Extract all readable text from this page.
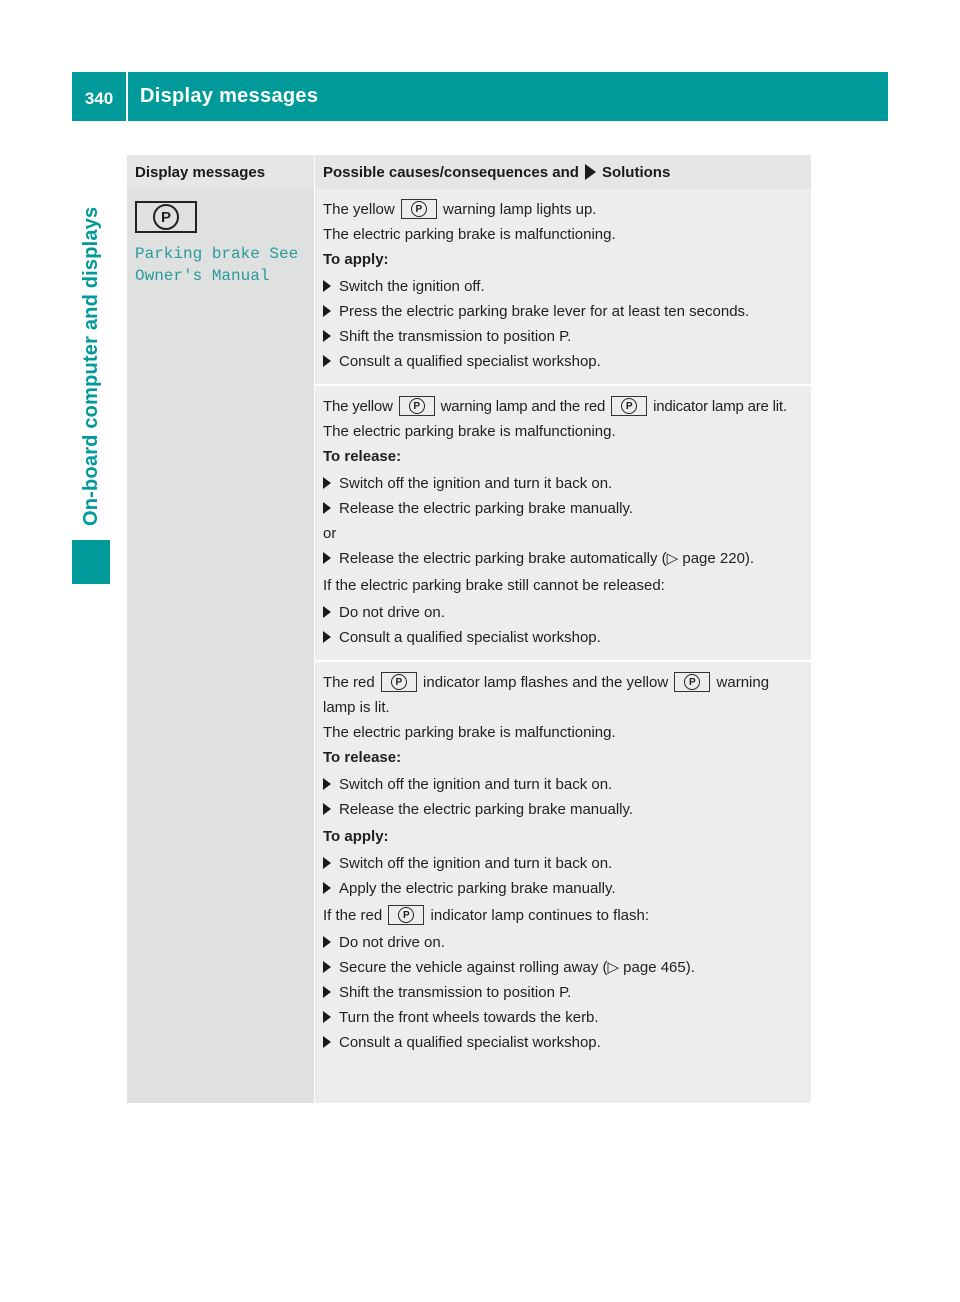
340	Display messages
On-board computer and displays
Display messages	Possible causes/consequences and Solutions
P
Parking brake See Owner's Manual

The yellow P warning lamp lights up.

The electric parking brake is malfunctioning.

To apply:

Switch the ignition off.
Press the electric parking brake lever for at least ten seconds.
Shift the transmission to position P.
Consult a qualified specialist workshop.

The yellow P warning lamp and the red P indicator lamp are lit.

The electric parking brake is malfunctioning.

To release:

Switch off the ignition and turn it back on.
Release the electric parking brake manually.

or

Release the electric parking brake automatically (▷ page 220).

If the electric parking brake still cannot be released:

Do not drive on.
Consult a qualified specialist workshop.

The red P indicator lamp flashes and the yellow P warning lamp is lit.

The electric parking brake is malfunctioning.

To release:

Switch off the ignition and turn it back on.
Release the electric parking brake manually.

To apply:

Switch off the ignition and turn it back on.
Apply the electric parking brake manually.

If the red P indicator lamp continues to flash:

Do not drive on.
Secure the vehicle against rolling away (▷ page 465).
Shift the transmission to position P.
Turn the front wheels towards the kerb.
Consult a qualified specialist workshop.
